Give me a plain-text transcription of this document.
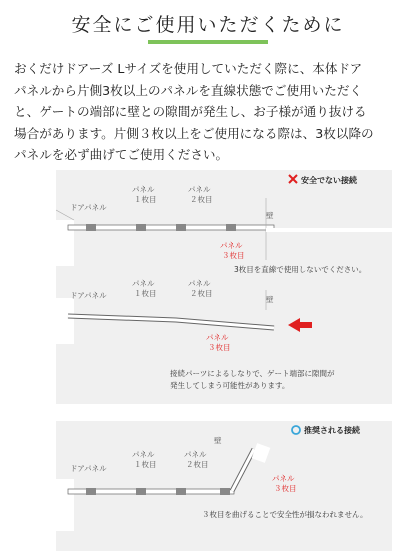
安全にご使用いただくために
おくだけドアーズ Lサイズを使用していただく際に、本体ドア
パネルから片側3枚以上のパネルを直線状態でご使用いただく
と、ゲートの端部に壁との隙間が発生し、お子様が通り抜ける
場合があります。片側３枚以上をご使用になる際は、3枚以降の
パネルを必ず曲げてご使用ください。
安全でない接続
ドアパネル
パネル
１枚目
パネル
２枚目
壁
パネル
３枚目
3枚目を直線で使用しないでください。
ドアパネル
パネル
１枚目
パネル
２枚目
壁
パネル
３枚目
接続パーツによるしなりで、ゲート端部に隙間が
発生してしまう可能性があります。
推奨される接続
ドアパネル
パネル
１枚目
パネル
２枚目
壁
パネル
３枚目
３枚目を曲げることで安全性が損なわれません。
